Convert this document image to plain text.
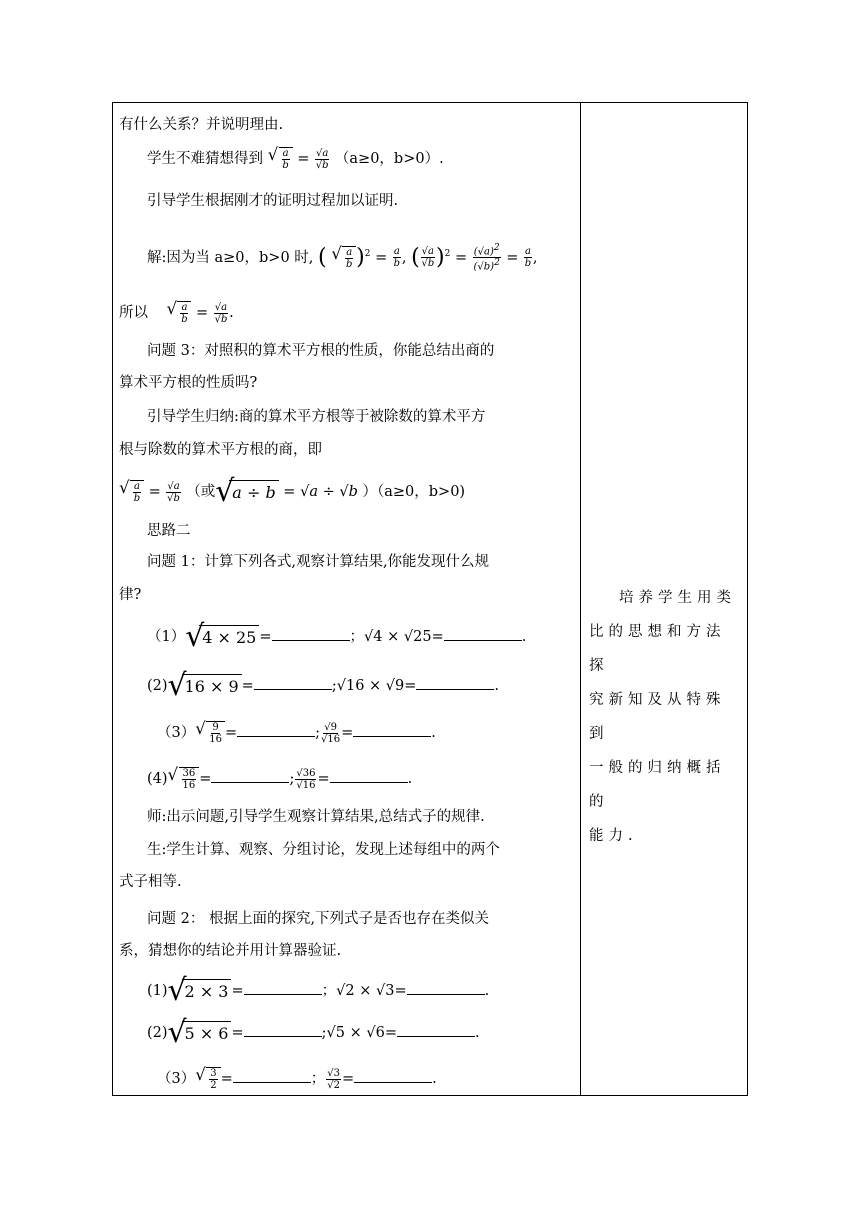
有什么关系？并说明理由.
学生不难猜想得到 √ $\frac{a}{b} = \frac{√a}{√b} (a\ge 0$，b>0）.
引导学生根据刚才的证明过程加以证明.
解:因为当 a≥0，b>0 时, ( √ $\frac{a}{b} )^2 = \frac{a}{b}$ , ( $\frac{√a}{√b} )^2 = \frac{(√a)^2}{(√b)^2} = \frac{a}{b}$ ,
所以 √ $\frac{a}{b} = \frac{√a}{√b}$ .
问题 3：对照积的算术平方根的性质，你能总结出商的
算术平方根的性质吗?
引导学生归纳:商的算术平方根等于被除数的算术平方
根与除数的算术平方根的商，即
√ $\frac{a}{b} = \frac{√a}{√b}$ （或 √
a ÷ b = √a ÷ √b ）（a≥0，b>0)
思路二
问题 1：计算下列各式,观察计算结果,你能发现什么规
律?
（1） √
4 × 25 =	；√4 × √25=	.
(2) √
16 × 9 =	;√16 × √9=	.
（3） √ $\frac{9}{16}$ =	; $\frac{√9}{√16}$ =	.
(4) √ $\frac{36}{16}$ =	; $\frac{√36}{√16}$ =	.
师:出示问题,引导学生观察计算结果,总结式子的规律.
生:学生计算、观察、分组讨论，发现上述每组中的两个
式子相等.
问题 2： 根据上面的探究,下列式子是否也存在类似关
系，猜想你的结论并用计算器验证.
(1) √
2 × 3 =	；√2 × √3=	.
(2) √
5 × 6 =	;√5 × √6=	.
（3） √ $\frac{3}{2}$ =	； $\frac{√3}{√2}$ =	.
培养学生用类
比的思想和方法探
究新知及从特殊到
一般的归纳概括的
能力.
